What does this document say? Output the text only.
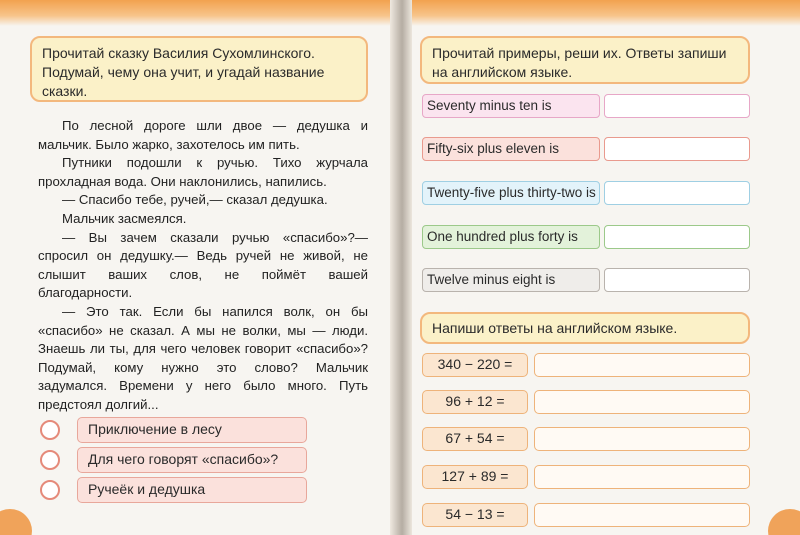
Прочитай сказку Василия Сухомлинского. Подумай, чему она учит, и угадай название сказки.

По лесной дороге шли двое — дедушка и мальчик. Было жарко, захотелось им пить.

Путники подошли к ручью. Тихо журчала прохладная вода. Они наклонились, напились.

— Спасибо тебе, ручей,— сказал дедушка.

Мальчик засмеялся.

— Вы зачем сказали ручью «спасибо»?— спросил он дедушку.— Ведь ручей не живой, не слышит ваших слов, не поймёт вашей благодарности.

— Это так. Если бы напился волк, он бы «спасибо» не сказал. А мы не волки, мы — люди. Знаешь ли ты, для чего человек говорит «спасибо»? Подумай, кому нужно это слово? Мальчик задумался. Времени у него было много. Путь предстоял долгий...

Приключение в лесу
Для чего говорят «спасибо»?
Ручеёк и дедушка
Прочитай примеры, реши их. Ответы запиши на английском языке.
Seventy minus ten is
Fifty-six plus eleven is
Twenty-five plus thirty-two is
One hundred plus forty is
Twelve minus eight is
Напиши ответы на английском языке.
340 − 220 =
96 + 12 =
67 + 54 =
127 + 89 =
54 − 13 =
